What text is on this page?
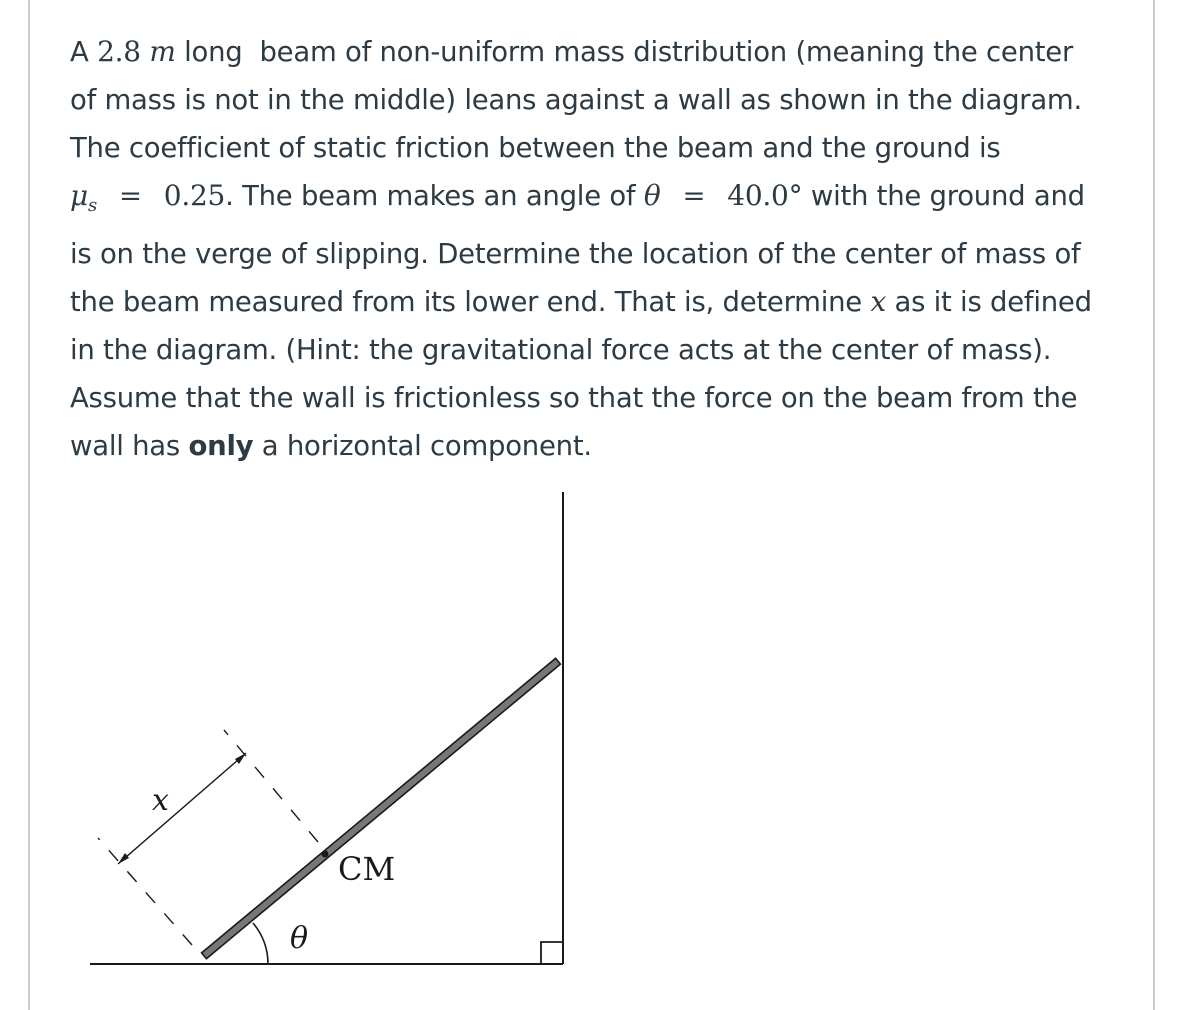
A 2.8 m long  beam of non-uniform mass distribution (meaning the center

of mass is not in the middle) leans against a wall as shown in the diagram.

The coefficient of static friction between the beam and the ground is

$\mu_s = 0.25$. The beam makes an angle of θ = 40.0° with the ground and

is on the verge of slipping. Determine the location of the center of mass of

the beam measured from its lower end. That is, determine x as it is defined

in the diagram. (Hint: the gravitational force acts at the center of mass).

Assume that the wall is frictionless so that the force on the beam from the

wall has only a horizontal component.

CM
θ
x
